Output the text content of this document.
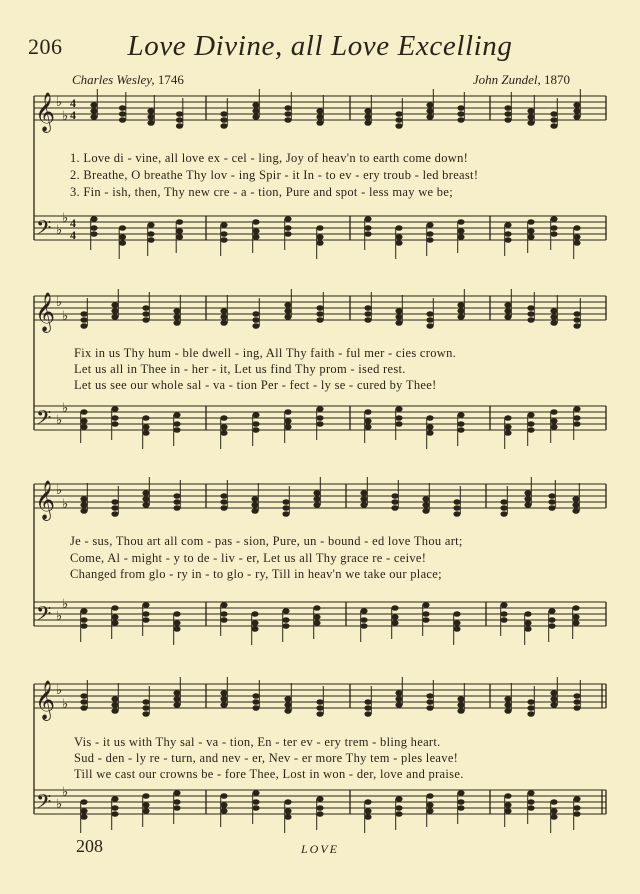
206	Love Divine, all Love Excelling
Charles Wesley, 1746	John Zundel, 1870
𝄞 ♭
♭
4
4
𝄢 ♭
♭ 4
4
𝄞 ♭
♭
𝄢 ♭
♭
𝄞 ♭
♭
𝄢 ♭
♭
𝄞 ♭
♭
𝄢 ♭
♭
1. Love di - vine, all love ex - cel - ling, Joy of heav'n to earth come down!
2. Breathe, O breathe Thy lov - ing Spir - it In - to ev - ery troub - led breast!
3. Fin - ish, then, Thy new cre - a - tion, Pure and spot - less may we be;
Fix in us Thy hum - ble dwell - ing, All Thy faith - ful mer - cies crown.
Let us all in Thee in - her - it, Let us find Thy prom - ised rest.
Let us see our whole sal - va - tion Per - fect - ly se - cured by Thee!
Je - sus, Thou art all com - pas - sion, Pure, un - bound - ed love Thou art;
Come, Al - might - y to de - liv - er, Let us all Thy grace re - ceive!
Changed from glo - ry in - to glo - ry, Till in heav'n we take our place;
Vis - it us with Thy sal - va - tion, En - ter ev - ery trem - bling heart.
Sud - den - ly re - turn, and nev - er, Nev - er more Thy tem - ples leave!
Till we cast our crowns be - fore Thee, Lost in won - der, love and praise.
208	LOVE
